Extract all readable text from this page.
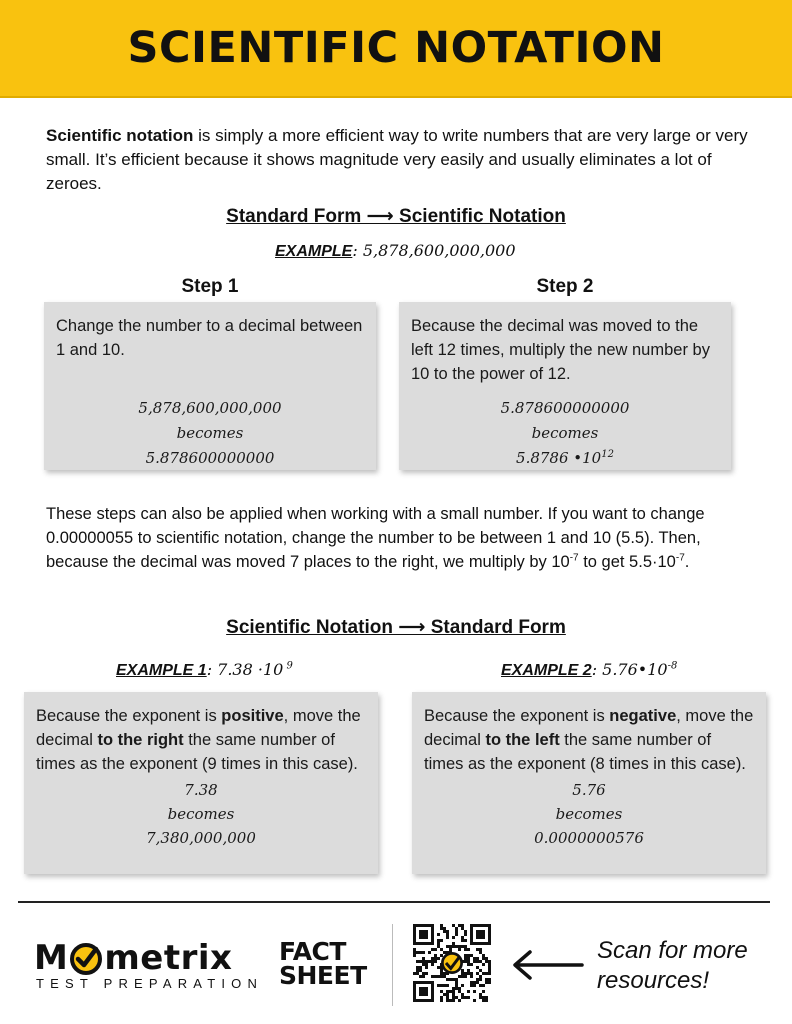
SCIENTIFIC NOTATION

Scientific notation is simply a more efficient way to write numbers that are very large or very small. It’s efficient because it shows magnitude very easily and usually eliminates a lot of zeroes.

Standard Form ⟶ Scientific Notation
EXAMPLE: 5,878,600,000,000
Step 1	Step 2

Change the number to a decimal between 1 and 10.

5,878,600,000,000
becomes
5.878600000000

Because the decimal was moved to the left 12 times, multiply the new number by 10 to the power of 12.

5.878600000000
becomes
5.8786 $•10^{12}$

These steps can also be applied when working with a small number. If you want to change 0.00000055 to scientific notation, change the number to be between 1 and 10 (5.5). Then, because the decimal was moved 7 places to the right, we multiply by $10^{-7}$ to get $5.5\cdot 10^{-7}$.

Scientific Notation ⟶ Standard Form
EXAMPLE 1: 7.38 ·10 $^9$	EXAMPLE 2: $5.76•10^{-8}$

Because the exponent is positive, move the decimal to the right the same number of times as the exponent (9 times in this case).

7.38
becomes
7,380,000,000

Because the exponent is negative, move the decimal to the left the same number of times as the exponent (8 times in this case).

5.76
becomes
0.0000000576
M metrix
TEST PREPARATION
FACT
SHEET
Scan for more
resources!
